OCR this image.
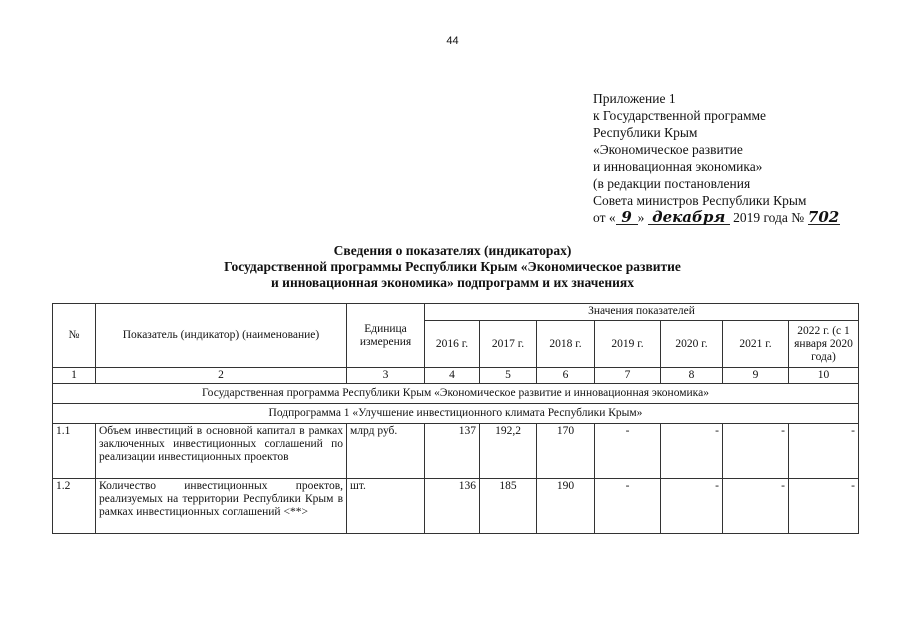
44
Приложение 1
к Государственной программе
Республики Крым
«Экономическое развитие
и инновационная экономика»
(в редакции постановления
Совета министров Республики Крым
от « 9 » декабря 2019 года № 702
Сведения о показателях (индикаторах)
Государственной программы Республики Крым «Экономическое развитие
и инновационная экономика» подпрограмм и их значениях
№	Показатель (индикатор) (наименование)	Единица измерения	Значения показателей						
			2016 г.	2017 г.	2018 г.	2019 г.	2020 г.	2021 г.	2022 г. (с 1 января 2020 года)
1	2	3	4	5	6	7	8	9	10
Государственная программа Республики Крым «Экономическое развитие и инновационная экономика»									
Подпрограмма 1 «Улучшение инвестиционного климата Республики Крым»									
1.1	Объем инвестиций в основной капитал в рамках заключенных инвестиционных соглашений по реализации инвестиционных проектов	млрд руб.	137	192,2	170	-	-	-	-
1.2	Количество инвестиционных проектов, реализуемых на территории Республики Крым в рамках инвестиционных соглашений <**>	шт.	136	185	190	-	-	-	-
